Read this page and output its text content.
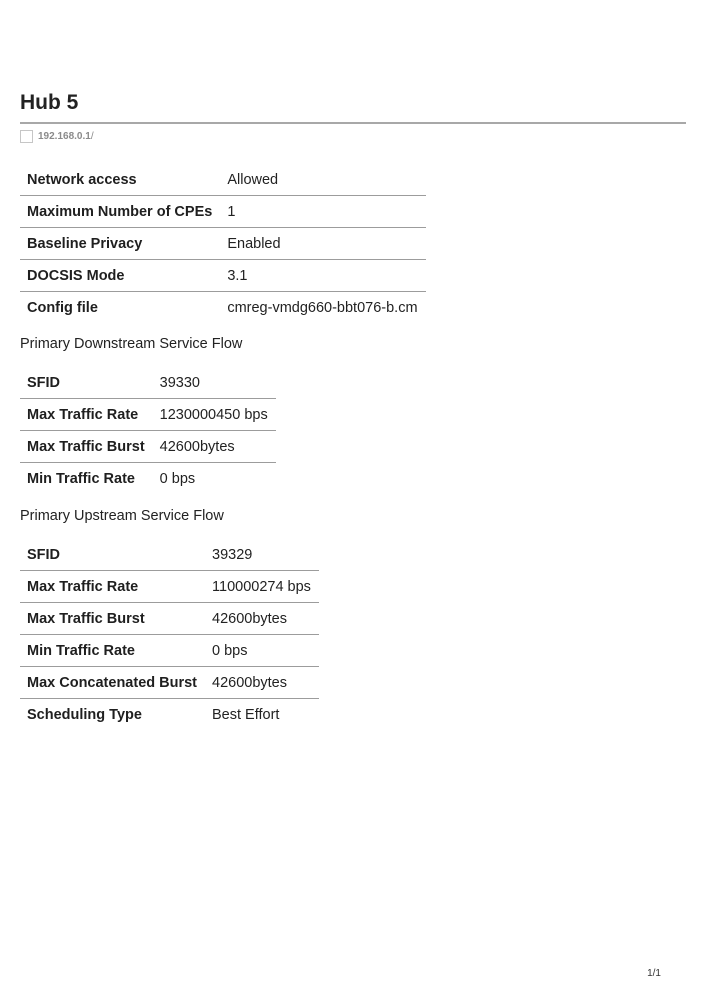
Hub 5
192.168.0.1/
Network access	Allowed
Maximum Number of CPEs	1
Baseline Privacy	Enabled
DOCSIS Mode	3.1
Config file	cmreg-vmdg660-bbt076-b.cm

Primary Downstream Service Flow

SFID	39330
Max Traffic Rate	1230000450 bps
Max Traffic Burst	42600bytes
Min Traffic Rate	0 bps

Primary Upstream Service Flow

SFID	39329
Max Traffic Rate	110000274 bps
Max Traffic Burst	42600bytes
Min Traffic Rate	0 bps
Max Concatenated Burst	42600bytes
Scheduling Type	Best Effort
1/1
